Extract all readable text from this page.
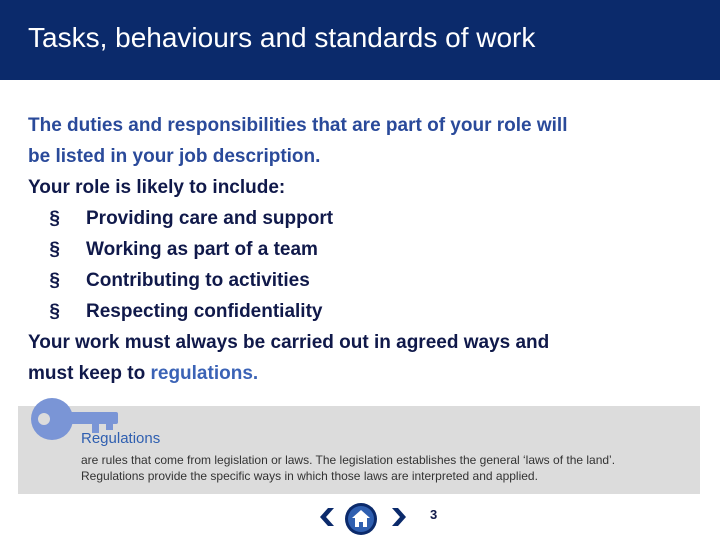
Tasks, behaviours and standards of work
The duties and responsibilities that are part of your role will
be listed in your job description.
Your role is likely to include:
§	Providing care and support
§	Working as part of a team
§	Contributing to activities
§	Respecting confidentiality
Your work must always be carried out in agreed ways and
must keep to regulations.
Regulations
are rules that come from legislation or laws. The legislation establishes the general ‘laws of the land’.
Regulations provide the specific ways in which those laws are interpreted and applied.
3
